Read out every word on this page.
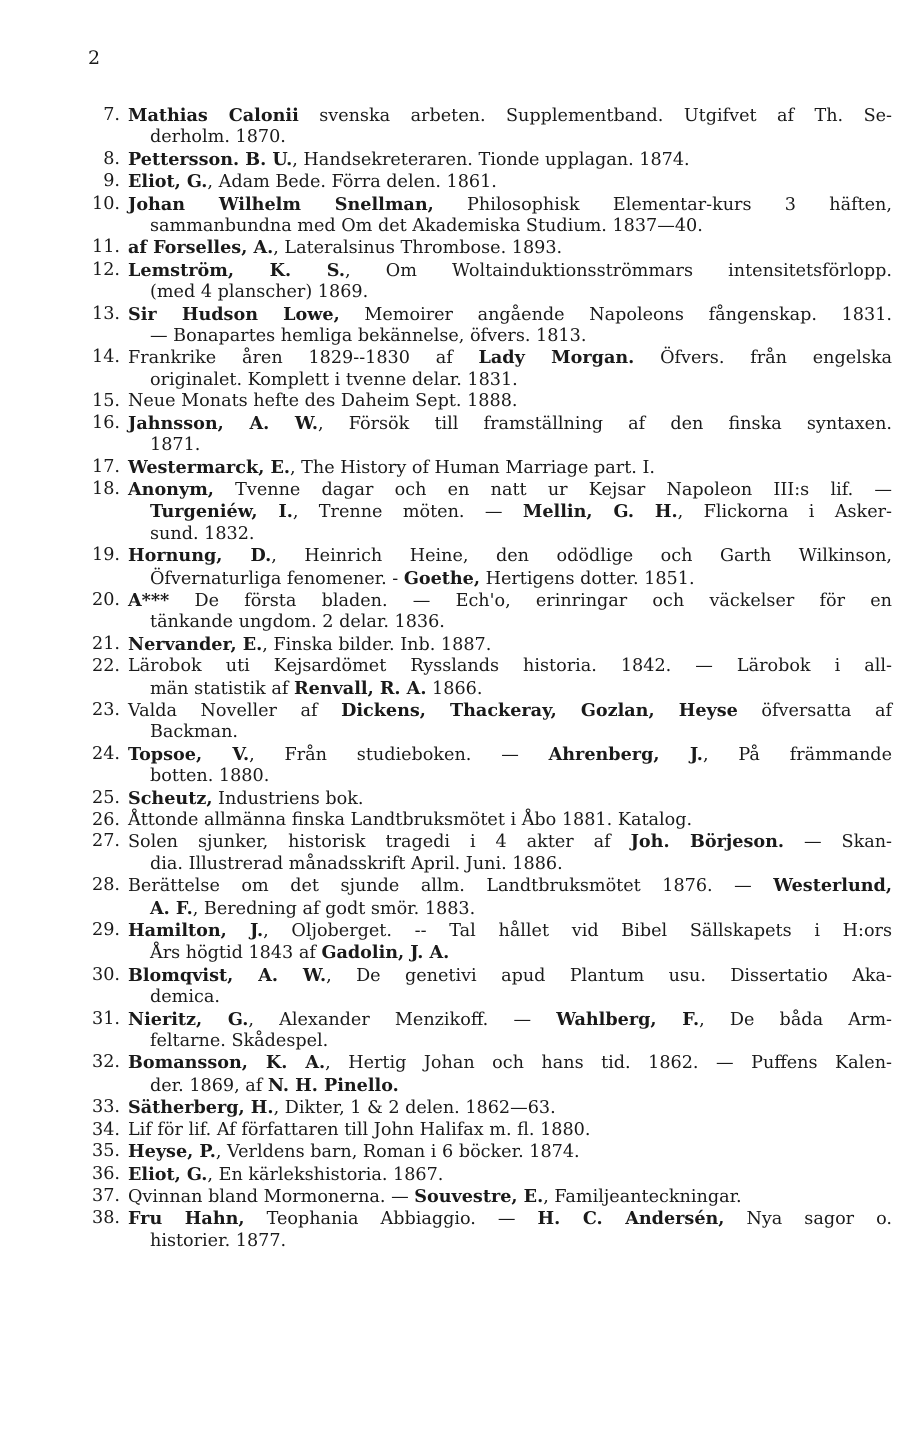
2
7. Mathias Calonii svenska arbeten. Supplementband. Utgifvet af Th. Se-
derholm. 1870.
8. Pettersson. B. U., Handsekreteraren. Tionde upplagan. 1874.
9. Eliot, G., Adam Bede. Förra delen. 1861.
10. Johan Wilhelm Snellman, Philosophisk Elementar-kurs 3 häften,
sammanbundna med Om det Akademiska Studium. 1837—40.
11. af Forselles, A., Lateralsinus Thrombose. 1893.
12. Lemström, K. S., Om Woltainduktionsströmmars intensitetsförlopp.
(med 4 planscher) 1869.
13. Sir Hudson Lowe, Memoirer angående Napoleons fångenskap. 1831.
— Bonapartes hemliga bekännelse, öfvers. 1813.
14. Frankrike åren 1829--1830 af Lady Morgan. Öfvers. från engelska
originalet. Komplett i tvenne delar. 1831.
15. Neue Monats hefte des Daheim Sept. 1888.
16. Jahnsson, A. W., Försök till framställning af den finska syntaxen.
1871.
17. Westermarck, E., The History of Human Marriage part. I.
18. Anonym, Tvenne dagar och en natt ur Kejsar Napoleon III:s lif. —
Turgeniéw, I., Trenne möten. — Mellin, G. H., Flickorna i Asker-
sund. 1832.
19. Hornung, D., Heinrich Heine, den odödlige och Garth Wilkinson,
Öfvernaturliga fenomener. - Goethe, Hertigens dotter. 1851.
20. A*** De första bladen. — Ech'o, erinringar och väckelser för en
tänkande ungdom. 2 delar. 1836.
21. Nervander, E., Finska bilder. Inb. 1887.
22. Lärobok uti Kejsardömet Rysslands historia. 1842. — Lärobok i all-
män statistik af Renvall, R. A. 1866.
23. Valda Noveller af Dickens, Thackeray, Gozlan, Heyse öfversatta af
Backman.
24. Topsoe, V., Från studieboken. — Ahrenberg, J., På främmande
botten. 1880.
25. Scheutz, Industriens bok.
26. Åttonde allmänna finska Landtbruksmötet i Åbo 1881. Katalog.
27. Solen sjunker, historisk tragedi i 4 akter af Joh. Börjeson. — Skan-
dia. Illustrerad månadsskrift April. Juni. 1886.
28. Berättelse om det sjunde allm. Landtbruksmötet 1876. — Westerlund,
A. F., Beredning af godt smör. 1883.
29. Hamilton, J., Oljoberget. -- Tal hållet vid Bibel Sällskapets i H:ors
Års högtid 1843 af Gadolin, J. A.
30. Blomqvist, A. W., De genetivi apud Plantum usu. Dissertatio Aka-
demica.
31. Nieritz, G., Alexander Menzikoff. — Wahlberg, F., De båda Arm-
feltarne. Skådespel.
32. Bomansson, K. A., Hertig Johan och hans tid. 1862. — Puffens Kalen-
der. 1869, af N. H. Pinello.
33. Sätherberg, H., Dikter, 1 & 2 delen. 1862—63.
34. Lif för lif. Af författaren till John Halifax m. fl. 1880.
35. Heyse, P., Verldens barn, Roman i 6 böcker. 1874.
36. Eliot, G., En kärlekshistoria. 1867.
37. Qvinnan bland Mormonerna. — Souvestre, E., Familjeanteckningar.
38. Fru Hahn, Teophania Abbiaggio. — H. C. Andersén, Nya sagor o.
historier. 1877.
